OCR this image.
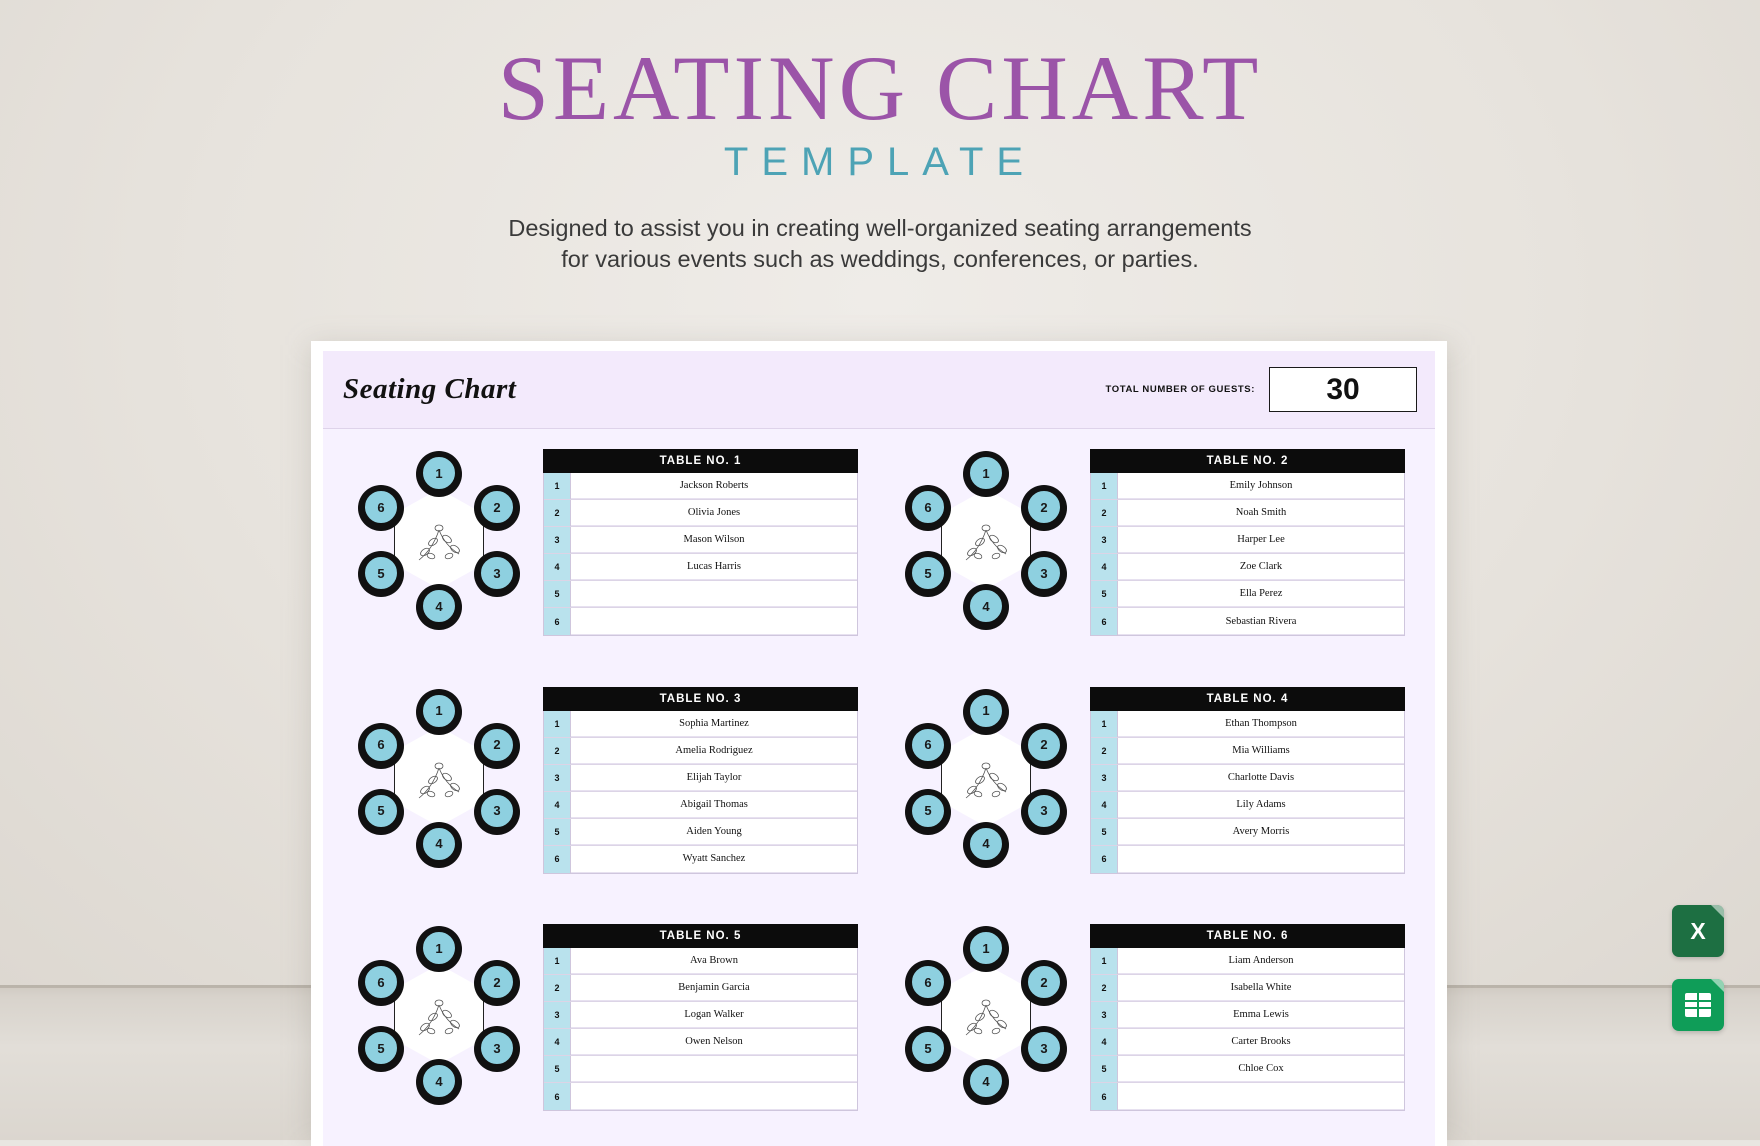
SEATING CHART
TEMPLATE
Designed to assist you in creating well-organized seating arrangements
for various events such as weddings, conferences, or parties.
Seating Chart	TOTAL NUMBER OF GUESTS:	30
1
2
3
4
5
6
TABLE NO. 1
1	Jackson Roberts
2	Olivia Jones
3	Mason Wilson
4	Lucas Harris
5
6
1
2
3
4
5
6
TABLE NO. 2
1	Emily Johnson
2	Noah Smith
3	Harper Lee
4	Zoe Clark
5	Ella Perez
6	Sebastian Rivera
1
2
3
4
5
6
TABLE NO. 3
1	Sophia Martinez
2	Amelia Rodriguez
3	Elijah Taylor
4	Abigail Thomas
5	Aiden Young
6	Wyatt Sanchez
1
2
3
4
5
6
TABLE NO. 4
1	Ethan Thompson
2	Mia Williams
3	Charlotte Davis
4	Lily Adams
5	Avery Morris
6
1
2
3
4
5
6
TABLE NO. 5
1	Ava Brown
2	Benjamin Garcia
3	Logan Walker
4	Owen Nelson
5
6
1
2
3
4
5
6
TABLE NO. 6
1	Liam Anderson
2	Isabella White
3	Emma Lewis
4	Carter Brooks
5	Chloe Cox
6
X
